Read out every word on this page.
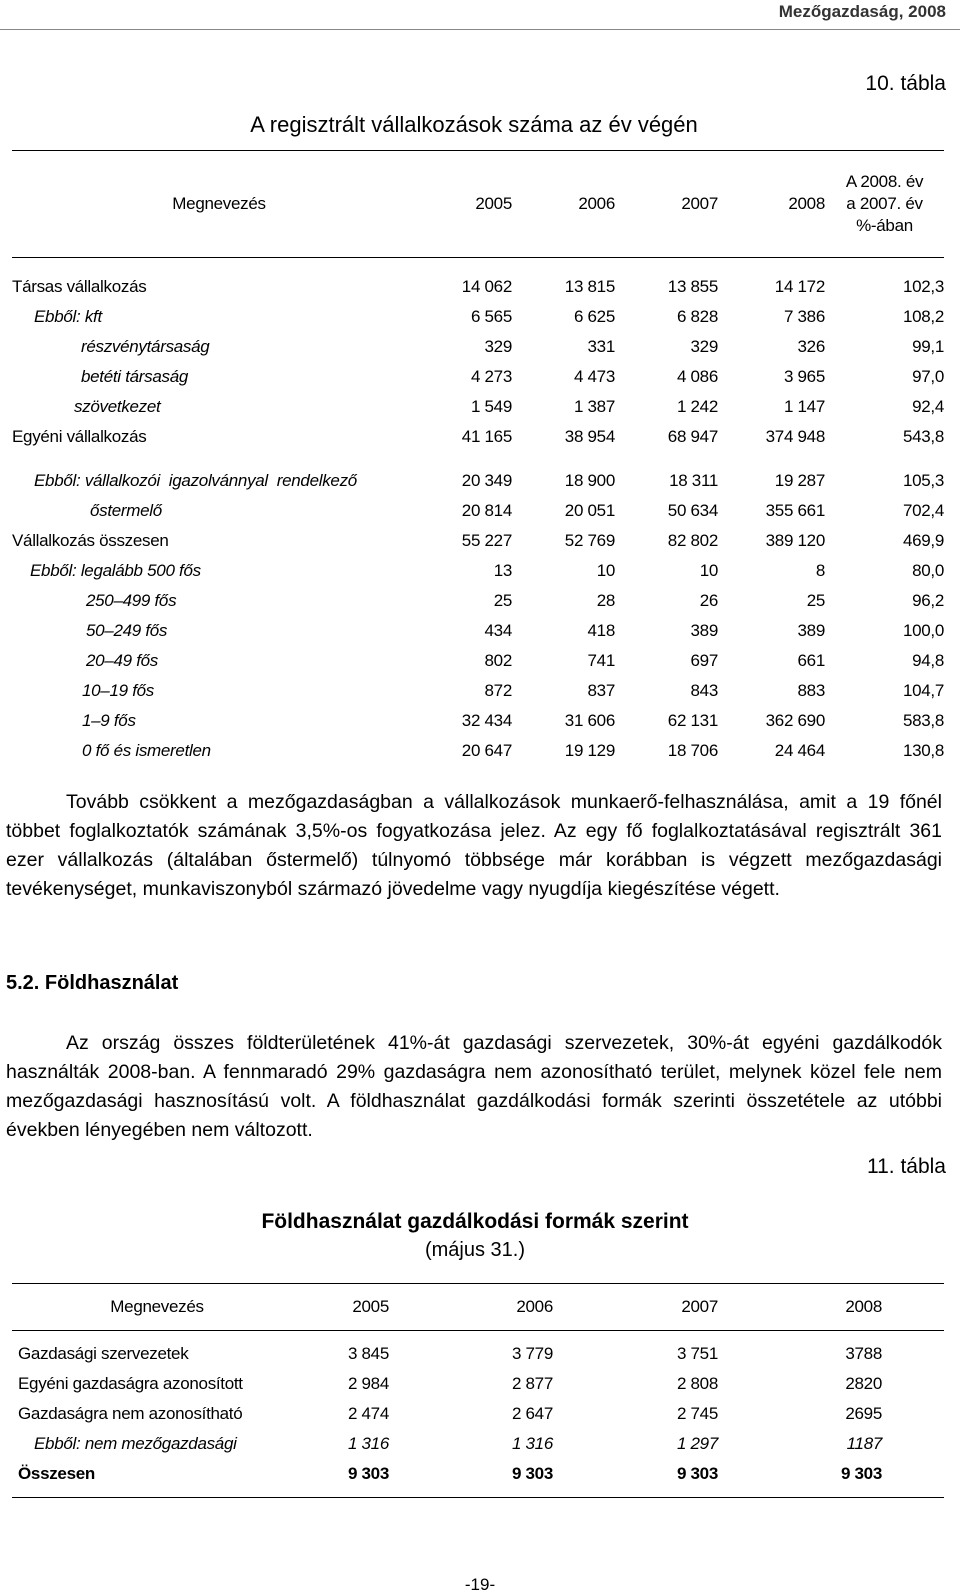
Mezőgazdaság, 2008
10. tábla
A regisztrált vállalkozások száma az év végén
Megnevezés	2005	2006	2007	2008	A 2008. év
a 2007. év
%-ában

Társas vállalkozás	14 062	13 815	13 855	14 172	102,3
Ebből: kft	6 565	6 625	6 828	7 386	108,2
részvénytársaság	329	331	329	326	99,1
betéti társaság	4 273	4 473	4 086	3 965	97,0
szövetkezet	1 549	1 387	1 242	1 147	92,4
Egyéni vállalkozás	41 165	38 954	68 947	374 948	543,8

Ebből: vállalkozói  igazolvánnyal  rendelkező	20 349	18 900	18 311	19 287	105,3
őstermelő	20 814	20 051	50 634	355 661	702,4
Vállalkozás összesen	55 227	52 769	82 802	389 120	469,9
Ebből: legalább 500 fős	13	10	10	8	80,0
250–499 fős	25	28	26	25	96,2
50–249 fős	434	418	389	389	100,0
20–49 fős	802	741	697	661	94,8
10–19 fős	872	837	843	883	104,7
1–9 fős	32 434	31 606	62 131	362 690	583,8
0 fő és ismeretlen	20 647	19 129	18 706	24 464	130,8

Tovább csökkent a mezőgazdaságban a vállalkozások munkaerő-felhasználása, amit a 19 főnél többet foglalkoztatók számának 3,5%-os fogyatkozása jelez. Az egy fő foglalkoztatásával regisztrált 361 ezer vállalkozás (általában őstermelő) túlnyomó többsége már korábban is végzett mezőgazdasági tevékenységet, munkaviszonyból származó jövedelme vagy nyugdíja kiegészítése végett.

5.2. Földhasználat

Az ország összes földterületének 41%-át gazdasági szervezetek, 30%-át egyéni gazdálkodók használták 2008-ban. A fennmaradó 29% gazdaságra nem azonosítható terület, melynek közel fele nem mezőgazdasági hasznosítású volt. A földhasználat gazdálkodási formák szerinti összetétele az utóbbi években lényegében nem változott.

11. tábla
Földhasználat gazdálkodási formák szerint
(május 31.)
Megnevezés	2005	2006	2007	2008	

Gazdasági szervezetek	3 845	3 779	3 751	3788	
Egyéni gazdaságra azonosított	2 984	2 877	2 808	2820	
Gazdaságra nem azonosítható	2 474	2 647	2 745	2695	
Ebből: nem mezőgazdasági	1 316	1 316	1 297	1187	
Összesen	9 303	9 303	9 303	9 303	

-19-
